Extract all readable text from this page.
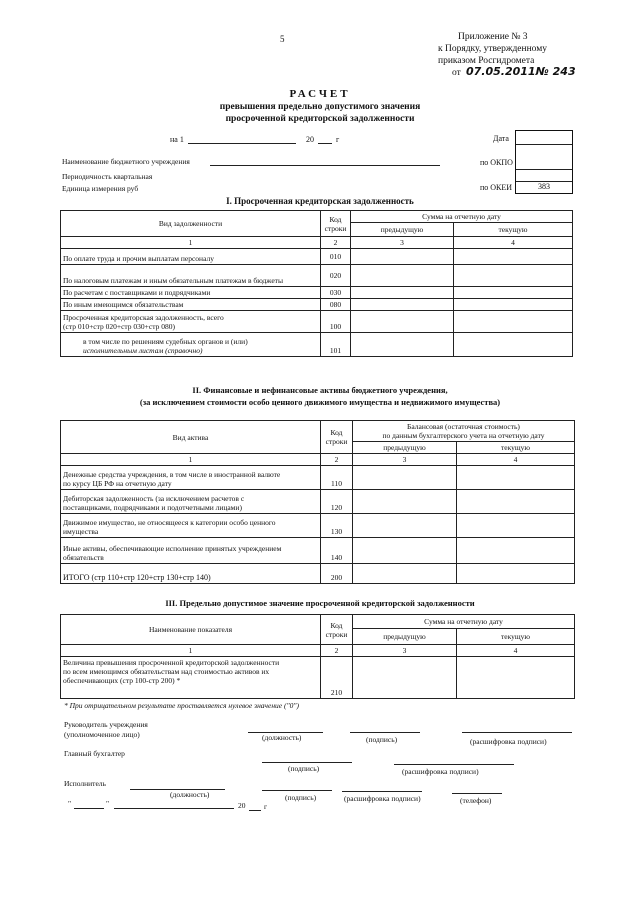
5	Приложение № 3
к Порядку, утвержденному
приказом Росгидромета
от 07.05.2011№ 243
РАСЧЕТ
превышения предельно допустимого значения
просроченной кредиторской задолженности
на 1	20	г	Дата
по ОКПО
по ОКЕИ	383
Наименование бюджетного учреждения
Периодичность квартальная
Единица измерения руб
I. Просроченная кредиторская задолженность
Вид задолженности	Код строки	Сумма на отчетную дату	
		предыдущую	текущую
1	2	3	4
По оплате труда и прочим выплатам персоналу	010		
По налоговым платежам и иным обязательным платежам в бюджеты	020		
По расчетам с поставщиками и подрядчиками	030		
По иным имеющимся обязательствам	080		

Просроченная кредиторская задолженность, всего
(стр 010+стр 020+стр 030+стр 080)	100		

в том числе по решениям судебных органов и (или)
исполнительным листам (справочно)	101		
II. Финансовые и нефинансовые активы бюджетного учреждения,
(за исключением стоимости особо ценного движимого имущества и недвижимого имущества)
Вид актива	Код строки	Балансовая (остаточная стоимость)
по данным бухгалтерского учета на отчетную дату	

		предыдущую	текущую
1	2	3	4

Денежные средства учреждения, в том числе в иностранной валюте
по курсу ЦБ РФ на отчетную дату	110		

Дебиторская задолженность (за исключением расчетов с
поставщиками, подрядчиками и подотчетными лицами)	120		

Движимое имущество, не относящееся к категории особо ценного
имущества	130		

Иные активы, обеспечивающие исполнение принятых учреждением
обязательств	140		
ИТОГО (стр 110+стр 120+стр 130+стр 140)	200		
III. Предельно допустимое значение просроченной кредиторской задолженности
Наименование показателя	Код строки	Сумма на отчетную дату	
		предыдущую	текущую
1	2	3	4

Величина превышения просроченной кредиторской задолженности
по всем имеющимся обязательствам над стоимостью активов их
обеспечивающих (стр 100-стр 200) *	210		
* При отрицательном результате проставляется нулевое значение ("0")
Руководитель учреждения
(уполномоченное лицо)	(должность)	(подпись)	(расшифровка подписи)
Главный бухгалтер
(подпись)	(расшифровка подписи)
Исполнитель
(должность)	(подпись)	(расшифровка подписи)	(телефон)
"	"	20 г
